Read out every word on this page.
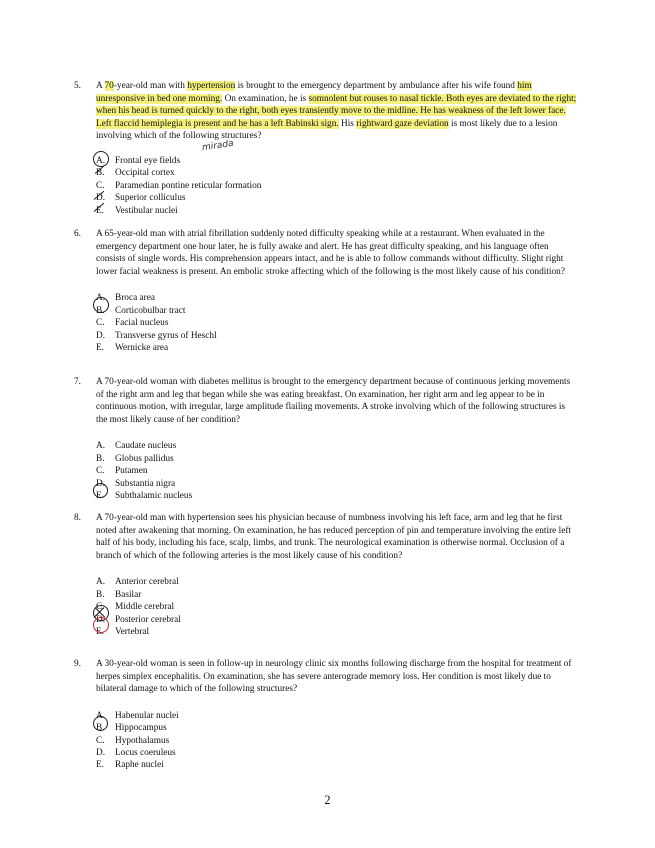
5.	A 70-year-old man with hypertension is brought to the emergency department by ambulance after his wife found him unresponsive in bed one morning. On examination, he is somnolent but rouses to nasal tickle. Both eyes are deviated to the right; when his head is turned quickly to the right, both eyes transiently move to the midline. He has weakness of the left lower face. Left flaccid hemiplegia is present and he has a left Babinski sign. His rightward gaze deviation is most likely due to a lesion involving which of the following structures?
A. Frontal eye fields
B. Occipital cortex
C. Paramedian pontine reticular formation
D. Superior colliculus
E. Vestibular nuclei
6.	A 65-year-old man with atrial fibrillation suddenly noted difficulty speaking while at a restaurant. When evaluated in the emergency department one hour later, he is fully awake and alert. He has great difficulty speaking, and his language often consists of single words. His comprehension appears intact, and he is able to follow commands without difficulty. Slight right lower facial weakness is present. An embolic stroke affecting which of the following is the most likely cause of his condition?
A. Broca area
B. Corticobulbar tract
C. Facial nucleus
D. Transverse gyrus of Heschl
E. Wernicke area
7.	A 70-year-old woman with diabetes mellitus is brought to the emergency department because of continuous jerking movements of the right arm and leg that began while she was eating breakfast. On examination, her right arm and leg appear to be in continuous motion, with irregular, large amplitude flailing movements. A stroke involving which of the following structures is the most likely cause of her condition?
A. Caudate nucleus
B. Globus pallidus
C. Putamen
D. Substantia nigra
E. Subthalamic nucleus
8.	A 70-year-old man with hypertension sees his physician because of numbness involving his left face, arm and leg that he first noted after awakening that morning. On examination, he has reduced perception of pin and temperature involving the entire left half of his body, including his face, scalp, limbs, and trunk. The neurological examination is otherwise normal. Occlusion of a branch of which of the following arteries is the most likely cause of his condition?
A. Anterior cerebral
B. Basilar
C. Middle cerebral
D. Posterior cerebral
E. Vertebral
9.	A 30-year-old woman is seen in follow-up in neurology clinic six months following discharge from the hospital for treatment of herpes simplex encephalitis. On examination, she has severe anterograde memory loss. Her condition is most likely due to bilateral damage to which of the following structures?
A. Habenular nuclei
B. Hippocampus
C. Hypothalamus
D. Locus coeruleus
E. Raphe nuclei
mirada
2
